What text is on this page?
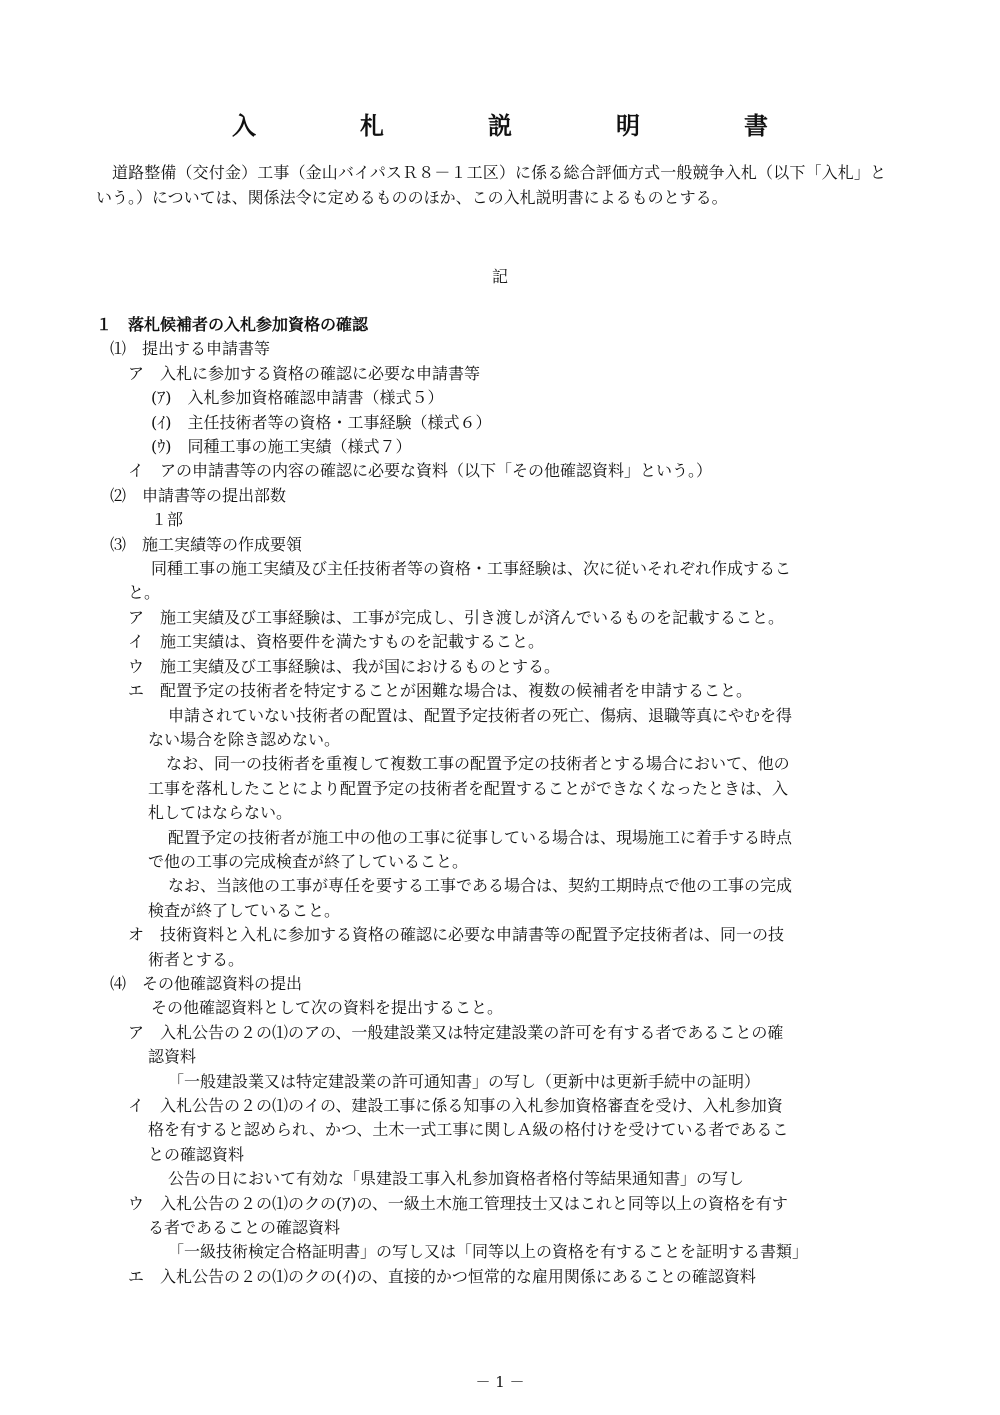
入　札　説　明　書
道路整備（交付金）工事（金山バイパスＲ８－１工区）に係る総合評価方式一般競争入札（以下「入札」という。）については、関係法令に定めるもののほか、この入札説明書によるものとする。
記
１　落札候補者の入札参加資格の確認
⑴　提出する申請書等
ア　入札に参加する資格の確認に必要な申請書等
(ｱ)　入札参加資格確認申請書（様式５）
(ｲ)　主任技術者等の資格・工事経験（様式６）
(ｳ)　同種工事の施工実績（様式７）
イ　アの申請書等の内容の確認に必要な資料（以下「その他確認資料」という。）
⑵　申請書等の提出部数
１部
⑶　施工実績等の作成要領
同種工事の施工実績及び主任技術者等の資格・工事経験は、次に従いそれぞれ作成するこ
と。
ア　施工実績及び工事経験は、工事が完成し、引き渡しが済んでいるものを記載すること。
イ　施工実績は、資格要件を満たすものを記載すること。
ウ　施工実績及び工事経験は、我が国におけるものとする。
エ　配置予定の技術者を特定することが困難な場合は、複数の候補者を申請すること。
申請されていない技術者の配置は、配置予定技術者の死亡、傷病、退職等真にやむを得
ない場合を除き認めない。
なお、同一の技術者を重複して複数工事の配置予定の技術者とする場合において、他の
工事を落札したことにより配置予定の技術者を配置することができなくなったときは、入
札してはならない。
配置予定の技術者が施工中の他の工事に従事している場合は、現場施工に着手する時点
で他の工事の完成検査が終了していること。
なお、当該他の工事が専任を要する工事である場合は、契約工期時点で他の工事の完成
検査が終了していること。
オ　技術資料と入札に参加する資格の確認に必要な申請書等の配置予定技術者は、同一の技
術者とする。
⑷　その他確認資料の提出
その他確認資料として次の資料を提出すること。
ア　入札公告の２の⑴のアの、一般建設業又は特定建設業の許可を有する者であることの確
認資料
「一般建設業又は特定建設業の許可通知書」の写し（更新中は更新手続中の証明）
イ　入札公告の２の⑴のイの、建設工事に係る知事の入札参加資格審査を受け、入札参加資
格を有すると認められ、かつ、土木一式工事に関しＡ級の格付けを受けている者であるこ
との確認資料
公告の日において有効な「県建設工事入札参加資格者格付等結果通知書」の写し
ウ　入札公告の２の⑴のクの(ｱ)の、一級土木施工管理技士又はこれと同等以上の資格を有す
る者であることの確認資料
「一級技術検定合格証明書」の写し又は「同等以上の資格を有することを証明する書類」
エ　入札公告の２の⑴のクの(ｲ)の、直接的かつ恒常的な雇用関係にあることの確認資料
－ 1 －
